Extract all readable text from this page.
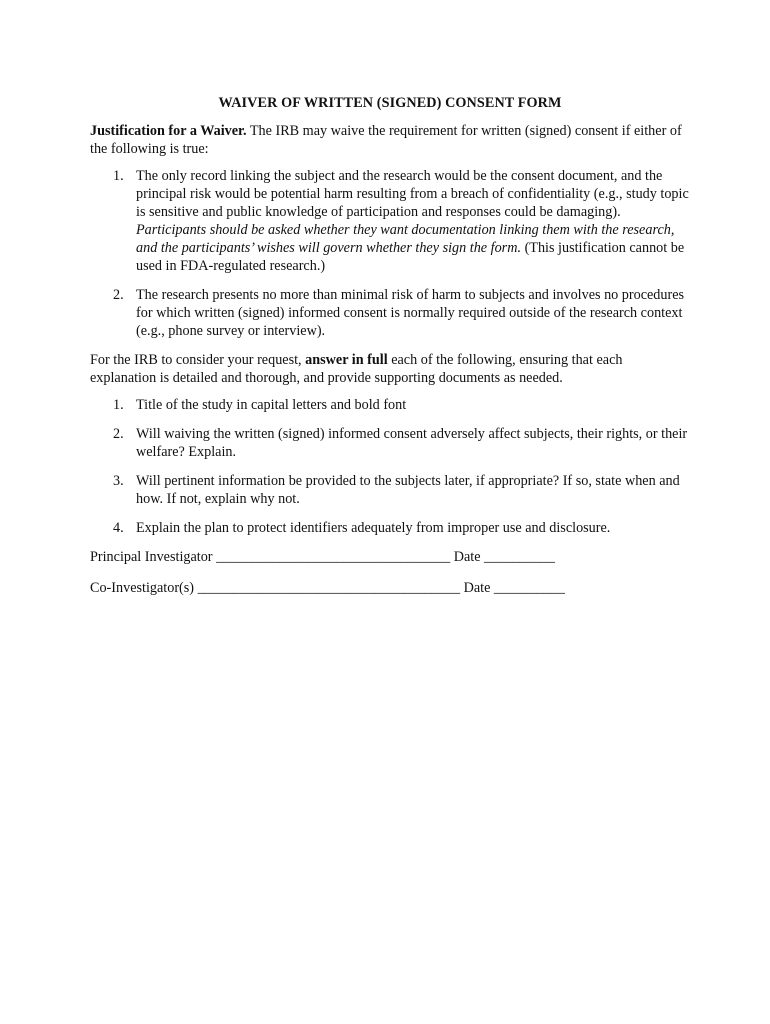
WAIVER OF WRITTEN (SIGNED) CONSENT FORM

Justification for a Waiver. The IRB may waive the requirement for written (signed) consent if either of the following is true:

1. The only record linking the subject and the research would be the consent document, and the principal risk would be potential harm resulting from a breach of confidentiality (e.g., study topic is sensitive and public knowledge of participation and responses could be damaging). Participants should be asked whether they want documentation linking them with the research, and the participants’ wishes will govern whether they sign the form. (This justification cannot be used in FDA-regulated research.)
2. The research presents no more than minimal risk of harm to subjects and involves no procedures for which written (signed) informed consent is normally required outside of the research context (e.g., phone survey or interview).

For the IRB to consider your request, answer in full each of the following, ensuring that each explanation is detailed and thorough, and provide supporting documents as needed.

1. Title of the study in capital letters and bold font
2. Will waiving the written (signed) informed consent adversely affect subjects, their rights, or their welfare? Explain.
3. Will pertinent information be provided to the subjects later, if appropriate? If so, state when and how. If not, explain why not.
4. Explain the plan to protect identifiers adequately from improper use and disclosure.

Principal Investigator _________________________________ Date __________

Co-Investigator(s) _____________________________________ Date __________
